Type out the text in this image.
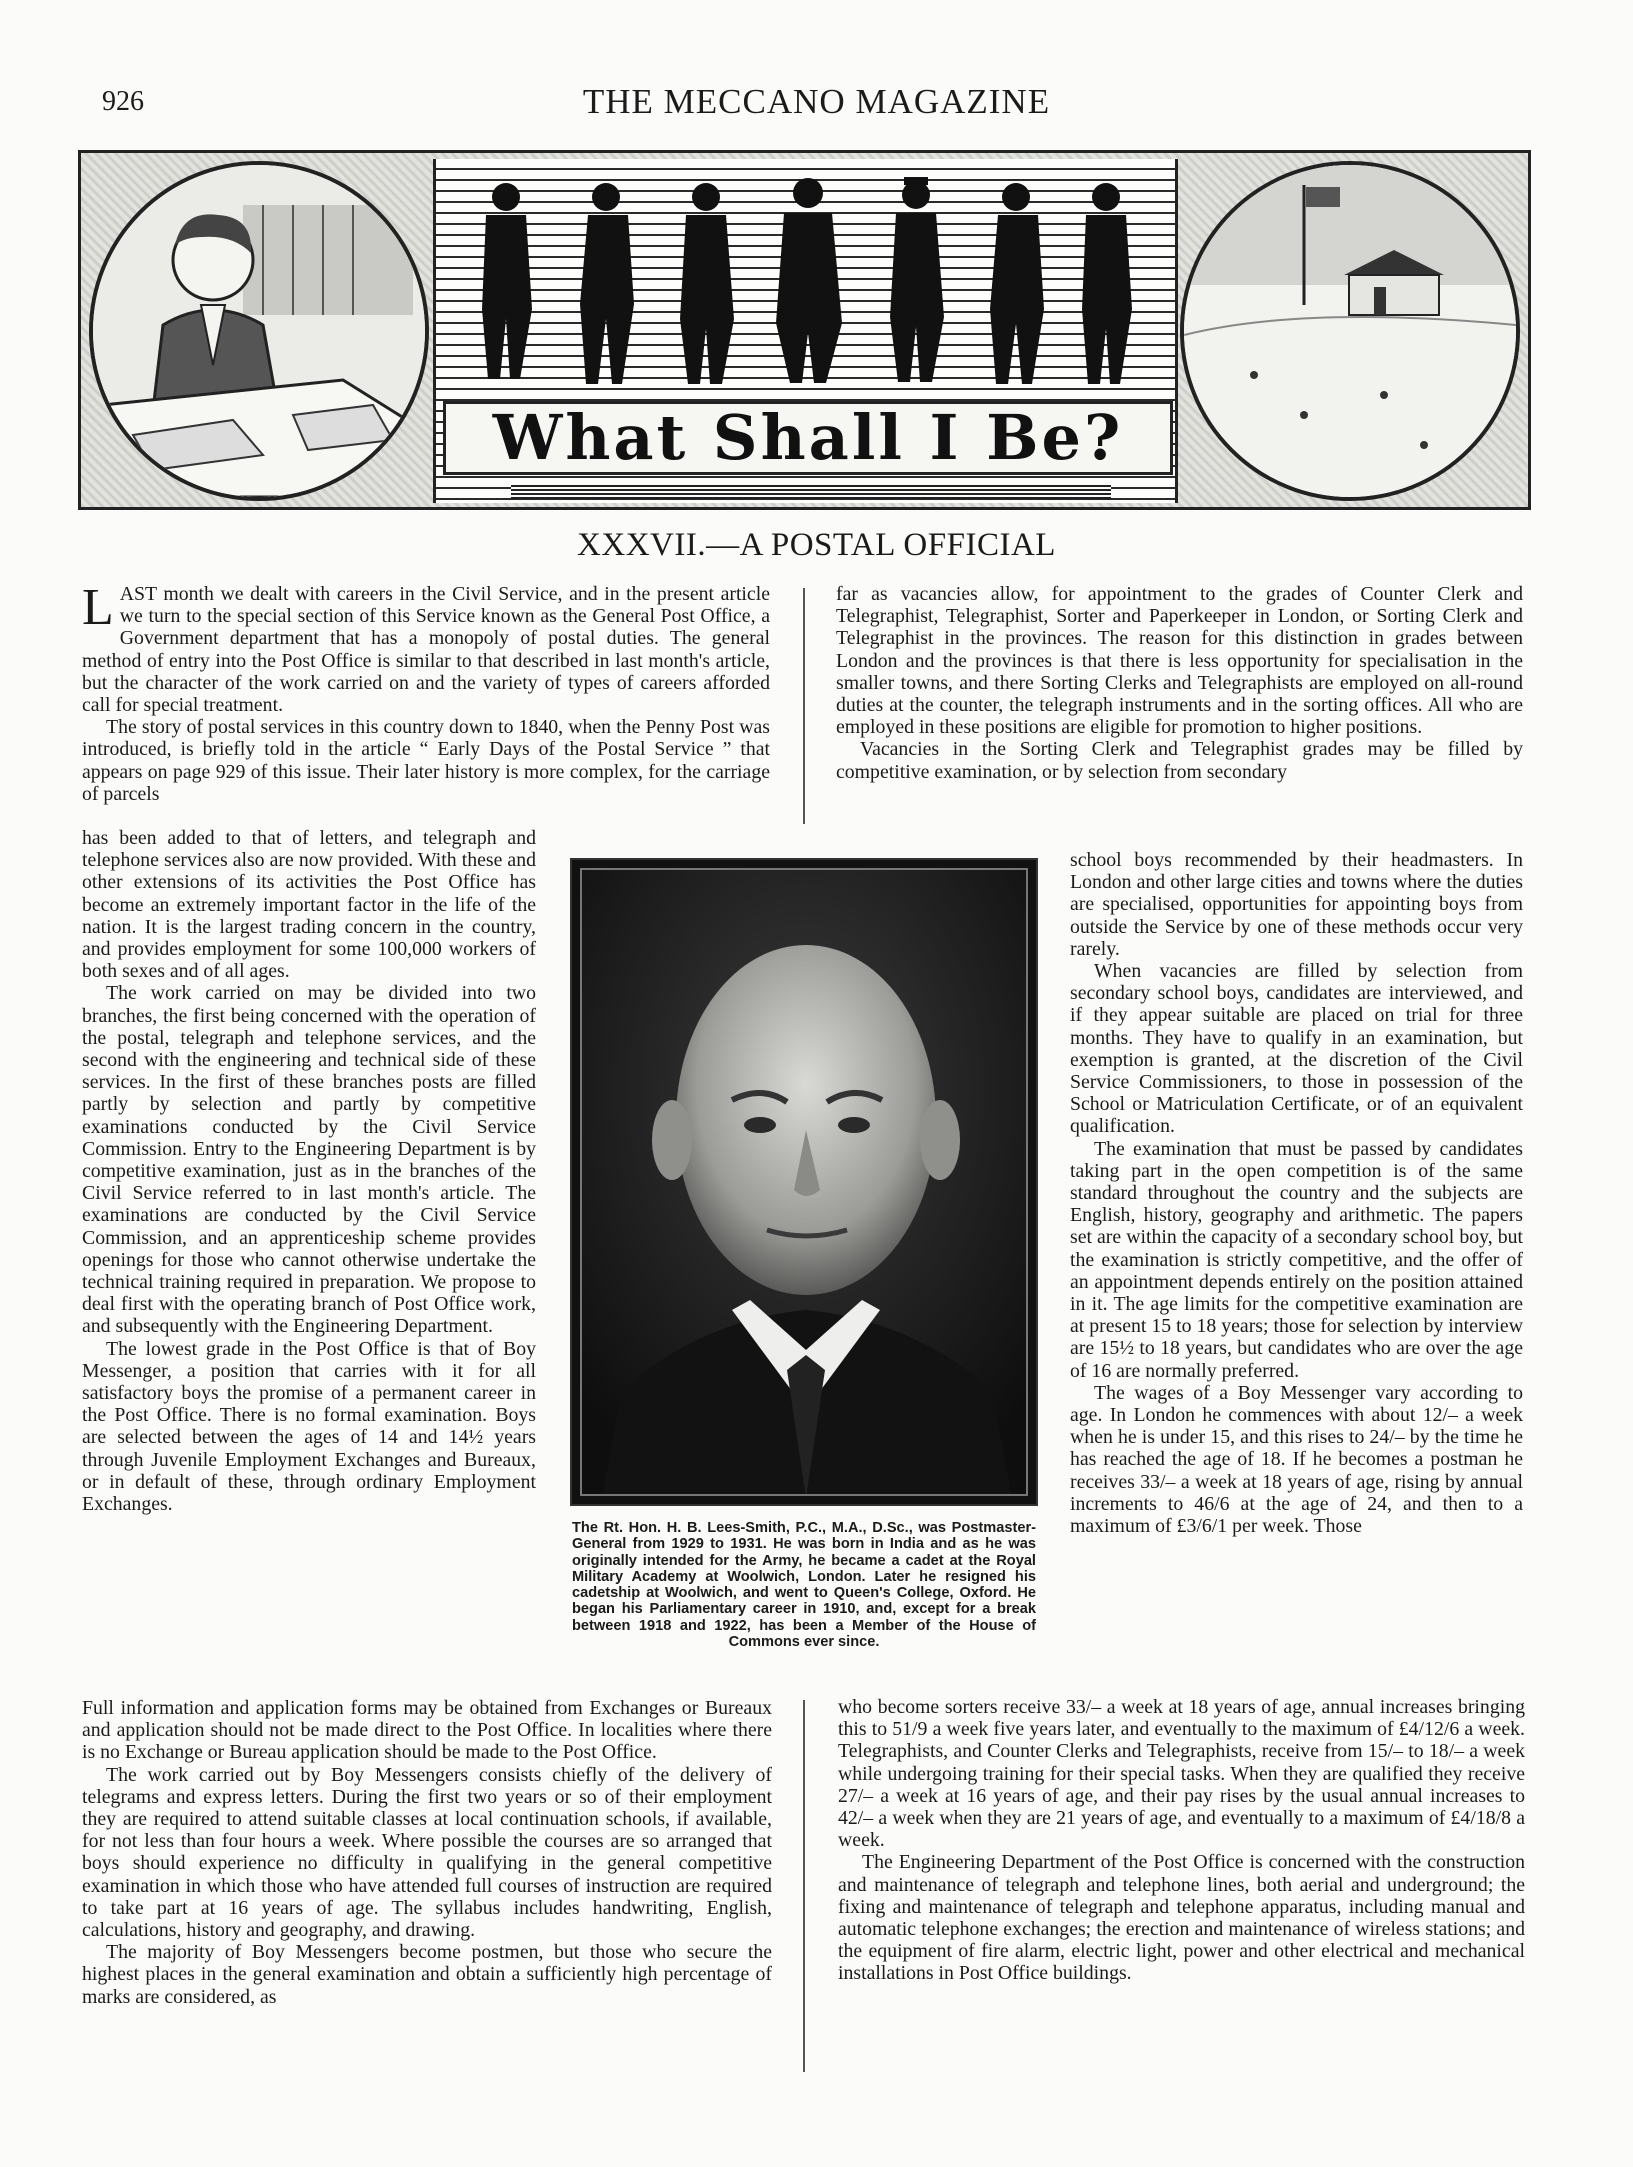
926	THE MECCANO MAGAZINE
What Shall I Be?
XXXVII.—A POSTAL OFFICIAL

LAST month we dealt with careers in the Civil Service, and in the present article we turn to the special section of this Service known as the General Post Office, a Government department that has a monopoly of postal duties. The general method of entry into the Post Office is similar to that described in last month's article, but the character of the work carried on and the variety of types of careers afforded call for special treatment.

The story of postal services in this country down to 1840, when the Penny Post was introduced, is briefly told in the article “ Early Days of the Postal Service ” that appears on page 929 of this issue. Their later history is more complex, for the carriage of parcels

has been added to that of letters, and telegraph and telephone services also are now provided. With these and other extensions of its activities the Post Office has become an extremely important factor in the life of the nation. It is the largest trading concern in the country, and provides employment for some 100,000 workers of both sexes and of all ages.

The work carried on may be divided into two branches, the first being concerned with the operation of the postal, telegraph and telephone services, and the second with the engineering and technical side of these services. In the first of these branches posts are filled partly by selection and partly by competitive examinations conducted by the Civil Service Commission. Entry to the Engineering Department is by competitive examination, just as in the branches of the Civil Service referred to in last month's article. The examinations are conducted by the Civil Service Commission, and an apprenticeship scheme provides openings for those who cannot otherwise undertake the technical training required in preparation. We propose to deal first with the operating branch of Post Office work, and subsequently with the Engineering Department.

The lowest grade in the Post Office is that of Boy Messenger, a position that carries with it for all satisfactory boys the promise of a permanent career in the Post Office. There is no formal examination. Boys are selected between the ages of 14 and 14½ years through Juvenile Employment Exchanges and Bureaux, or in default of these, through ordinary Employment Exchanges.

Full information and application forms may be obtained from Exchanges or Bureaux and application should not be made direct to the Post Office. In localities where there is no Exchange or Bureau application should be made to the Post Office.

The work carried out by Boy Messengers consists chiefly of the delivery of telegrams and express letters. During the first two years or so of their employment they are required to attend suitable classes at local continuation schools, if available, for not less than four hours a week. Where possible the courses are so arranged that boys should experience no difficulty in qualifying in the general competitive examination in which those who have attended full courses of instruction are required to take part at 16 years of age. The syllabus includes handwriting, English, calculations, history and geography, and drawing.

The majority of Boy Messengers become postmen, but those who secure the highest places in the general examination and obtain a sufficiently high percentage of marks are considered, as

far as vacancies allow, for appointment to the grades of Counter Clerk and Telegraphist, Telegraphist, Sorter and Paperkeeper in London, or Sorting Clerk and Telegraphist in the provinces. The reason for this distinction in grades between London and the provinces is that there is less opportunity for specialisation in the smaller towns, and there Sorting Clerks and Telegraphists are employed on all-round duties at the counter, the telegraph instruments and in the sorting offices. All who are employed in these positions are eligible for promotion to higher positions.

Vacancies in the Sorting Clerk and Telegraphist grades may be filled by competitive examination, or by selection from secondary

school boys recommended by their headmasters. In London and other large cities and towns where the duties are specialised, opportunities for appointing boys from outside the Service by one of these methods occur very rarely.

When vacancies are filled by selection from secondary school boys, candidates are interviewed, and if they appear suitable are placed on trial for three months. They have to qualify in an examination, but exemption is granted, at the discretion of the Civil Service Commissioners, to those in possession of the School or Matriculation Certificate, or of an equivalent qualification.

The examination that must be passed by candidates taking part in the open competition is of the same standard throughout the country and the subjects are English, history, geography and arithmetic. The papers set are within the capacity of a secondary school boy, but the examination is strictly competitive, and the offer of an appointment depends entirely on the position attained in it. The age limits for the competitive examination are at present 15 to 18 years; those for selection by interview are 15½ to 18 years, but candidates who are over the age of 16 are normally preferred.

The wages of a Boy Messenger vary according to age. In London he commences with about 12/– a week when he is under 15, and this rises to 24/– by the time he has reached the age of 18. If he becomes a postman he receives 33/– a week at 18 years of age, rising by annual increments to 46/6 at the age of 24, and then to a maximum of £3/6/1 per week. Those

who become sorters receive 33/– a week at 18 years of age, annual increases bringing this to 51/9 a week five years later, and eventually to the maximum of £4/12/6 a week. Telegraphists, and Counter Clerks and Telegraphists, receive from 15/– to 18/– a week while undergoing training for their special tasks. When they are qualified they receive 27/– a week at 16 years of age, and their pay rises by the usual annual increases to 42/– a week when they are 21 years of age, and eventually to a maximum of £4/18/8 a week.

The Engineering Department of the Post Office is concerned with the construction and maintenance of telegraph and telephone lines, both aerial and underground; the fixing and maintenance of telegraph and telephone apparatus, including manual and automatic telephone exchanges; the erection and maintenance of wireless stations; and the equipment of fire alarm, electric light, power and other electrical and mechanical installations in Post Office buildings.

The Rt. Hon. H. B. Lees-Smith, P.C., M.A., D.Sc., was Postmaster-General from 1929 to 1931. He was born in India and as he was originally intended for the Army, he became a cadet at the Royal Military Academy at Woolwich, London. Later he resigned his cadetship at Woolwich, and went to Queen's College, Oxford. He began his Parliamentary career in 1910, and, except for a break between 1918 and 1922, has been a Member of the House of Commons ever since.
